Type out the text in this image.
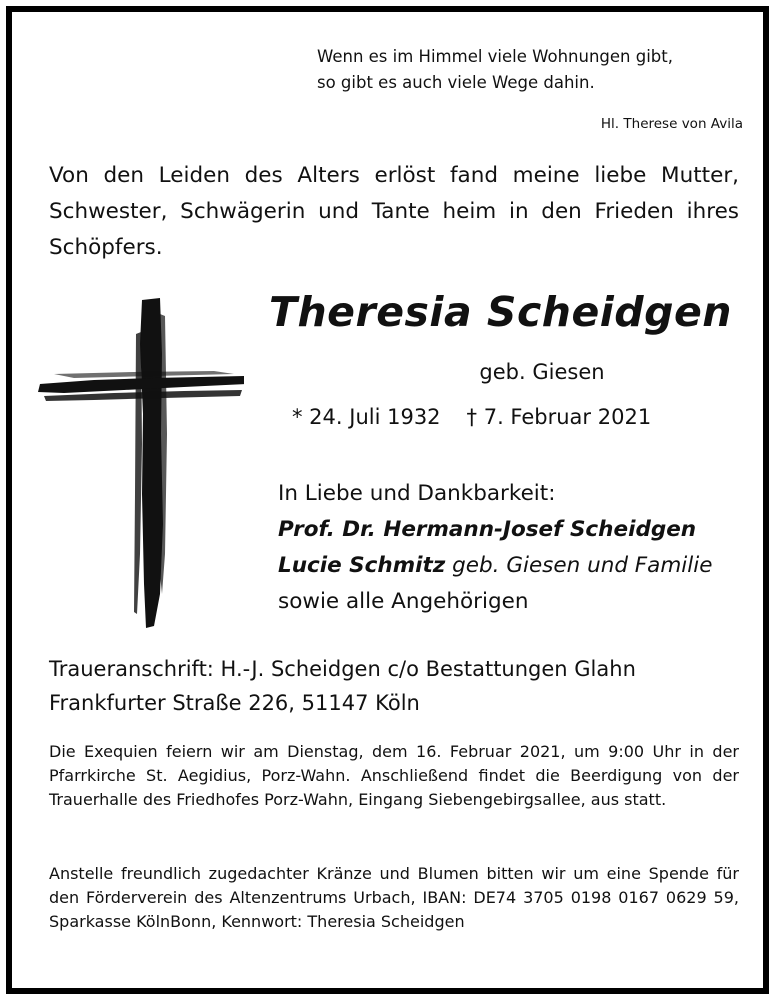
Wenn es im Himmel viele Wohnungen gibt,
so gibt es auch viele Wege dahin.
Hl. Therese von Avila
Von den Leiden des Alters erlöst fand meine liebe Mutter, Schwester, Schwägerin und Tante heim in den Frieden ihres Schöpfers.
Theresia Scheidgen
geb. Giesen
* 24. Juli 1932 † 7. Februar 2021
In Liebe und Dankbarkeit:
Prof. Dr. Hermann-Josef Scheidgen
Lucie Schmitz geb. Giesen und Familie
sowie alle Angehörigen
Traueranschrift: H.-J. Scheidgen c/o Bestattungen Glahn
Frankfurter Straße 226, 51147 Köln
Die Exequien feiern wir am Dienstag, dem 16. Februar 2021, um 9:00 Uhr in der Pfarrkirche St. Aegidius, Porz-Wahn. Anschließend findet die Beerdigung von der Trauerhalle des Friedhofes Porz-Wahn, Eingang Siebengebirgsallee, aus statt.
Anstelle freundlich zugedachter Kränze und Blumen bitten wir um eine Spende für den Förderverein des Altenzentrums Urbach, IBAN: DE74 3705 0198 0167 0629 59, Sparkasse KölnBonn, Kennwort: Theresia Scheidgen
